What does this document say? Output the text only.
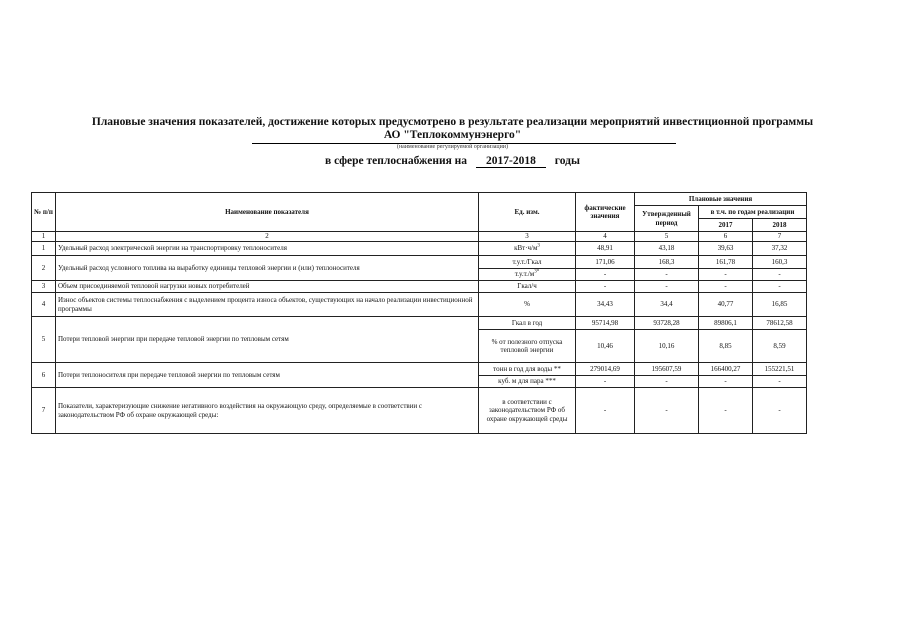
Плановые значения показателей, достижение которых предусмотрено в результате реализации мероприятий инвестиционной программы
АО "Теплокоммунэнерго"
(наименование регулируемой организации)
в сфере теплоснабжения на 2017-2018 годы
№ п/п	Наименование показателя	Ед. изм.	фактические значения	Плановые значения		
				Утвержденный период	в т.ч. по годам реализации	
					2017	2018
1	2	3	4	5	6	7
1	Удельный расход электрической энергии на транспортировку теплоносителя	$кВт\cdot ч/м^3$	48,91	43,18	39,63	37,32
2	Удельный расход условного топлива на выработку единицы тепловой энергии и (или) теплоносителя	т.у.т./Гкал	171,06	168,3	161,78	160,3
		$т.у.т./м^{3*}$	-	-	-	-
3	Объем присоединяемой тепловой нагрузки новых потребителей	Гкал/ч	-	-	-	-
4	Износ объектов системы теплоснабжения с выделением процента износа объектов, существующих на начало реализации инвестиционной программы	%	34,43	34,4	40,77	16,85
5	Потери тепловой энергии при передаче тепловой энергии по тепловым сетям	Гкал в год	95714,98	93728,28	89806,1	78612,58
		% от полезного отпуска тепловой энергии	10,46	10,16	8,85	8,59
6	Потери теплоносителя при передаче тепловой энергии по тепловым сетям	тонн в год для воды **	279014,69	195607,59	166400,27	155221,51
		куб. м для пара ***	-	-	-	-
7	Показатели, характеризующие снижение негативного воздействия на окружающую среду, определяемые в соответствии с законодательством РФ об охране окружающей среды:	в соответствии с законодательством РФ об охране окружающей среды	-	-	-	-
